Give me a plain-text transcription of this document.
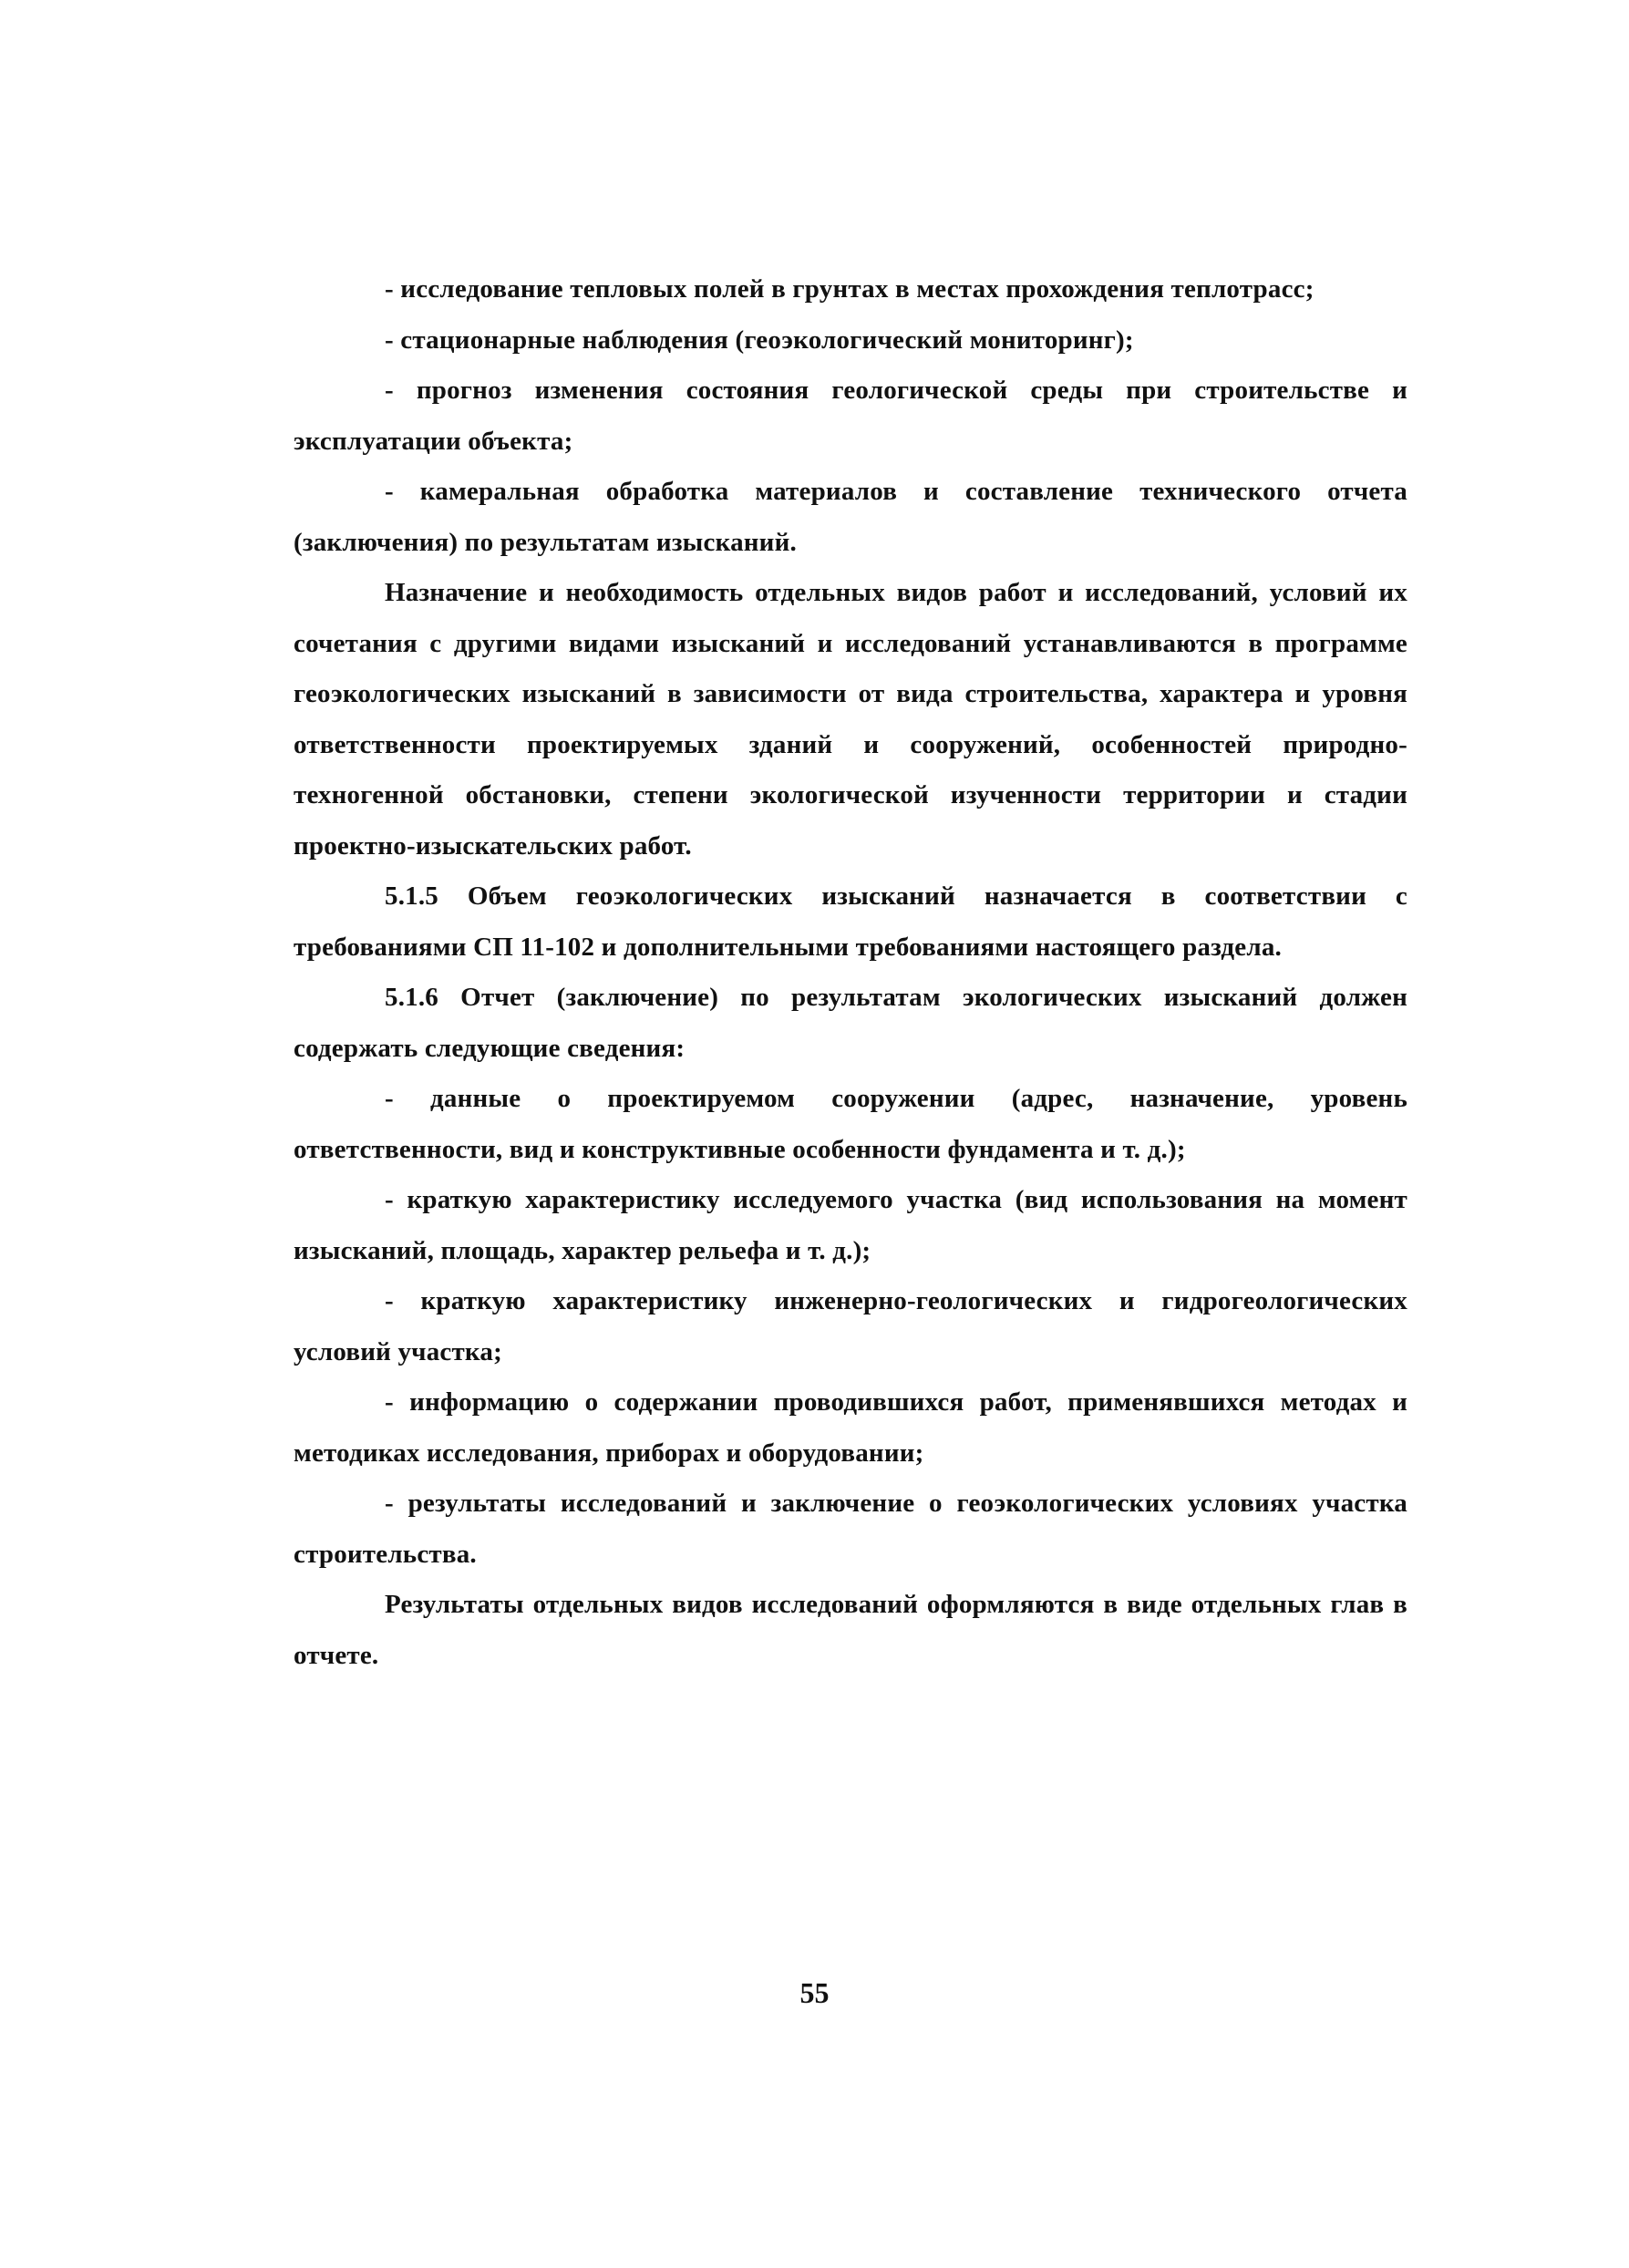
- исследование тепловых полей в грунтах в местах прохождения теплотрасс;

- стационарные наблюдения (геоэкологический мониторинг);

- прогноз изменения состояния геологической среды при строительстве и эксплуатации объекта;

- камеральная обработка материалов и составление технического отчета (заключения) по результатам изысканий.

Назначение и необходимость отдельных видов работ и исследований, условий их сочетания с другими видами изысканий и исследований устанавливаются в программе геоэкологических изысканий в зависимости от вида строительства, характера и уровня ответственности проектируемых зданий и сооружений, особенностей природно-техногенной обстановки, степени экологической изученности территории и стадии проектно-изыскательских работ.

5.1.5 Объем геоэкологических изысканий назначается в соответствии с требованиями СП 11-102 и дополнительными требованиями настоящего раздела.

5.1.6 Отчет (заключение) по результатам экологических изысканий должен содержать следующие сведения:

- данные о проектируемом сооружении (адрес, назначение, уровень ответственности, вид и конструктивные особенности фундамента и т. д.);

- краткую характеристику исследуемого участка (вид использования на момент изысканий, площадь, характер рельефа и т. д.);

- краткую характеристику инженерно-геологических и гидрогеологических условий участка;

- информацию о содержании проводившихся работ, применявшихся методах и методиках исследования, приборах и оборудовании;

- результаты исследований и заключение о геоэкологических условиях участка строительства.

Результаты отдельных видов исследований оформляются в виде отдельных глав в отчете.

55
